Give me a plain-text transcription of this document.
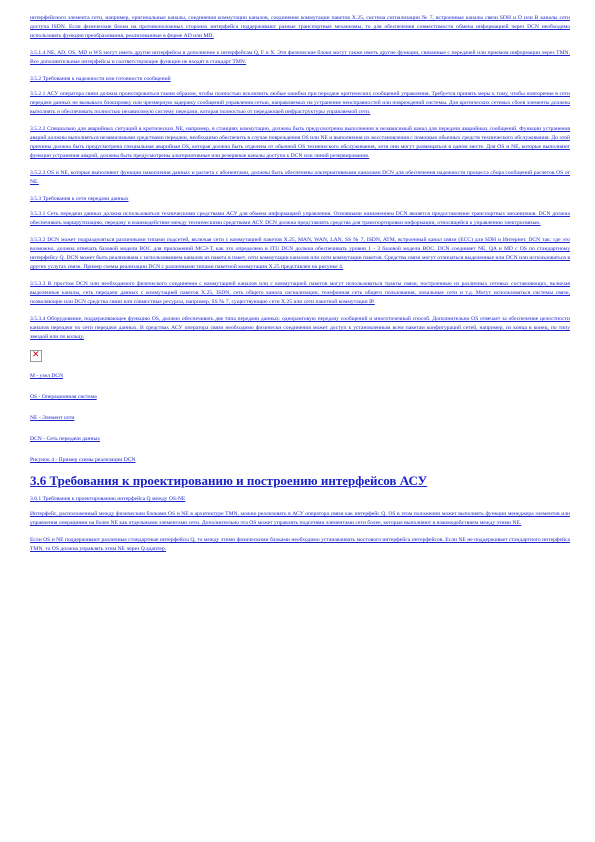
интерфейсного элемента сети, например, оригинальные каналы, соединения коммутации каналов, соединения коммутации пакетов X.25, система сигнализации № 7, встроенные каналы связи SDH и D или B каналы сети доступа ISDN. Если физические блоки на противоположных сторонах интерфейса поддерживают разные транспортные механизмы, то для обеспечения совместимости обмена информацией через DCN необходимо использовать функции преобразования, реализованные в форме AD или MD.
3.5.1.4 NE, AD, OS, MD и WS могут иметь другие интерфейсы в дополнение к интерфейсам Q, F и X. Эти физические блоки могут также иметь другие функции, связанные с передачей или приемом информации через TMN. Все дополнительные интерфейсы и соответствующие функции не входят в стандарт TMN.
3.5.2 Требования к надежности или готовности сообщений
3.5.2.1 АСУ оператора связи должна проектироваться таким образом, чтобы полностью исключить любые ошибки при передаче критических сообщений управления. Требуется принять меры к тому, чтобы повторение в сети передачи данных не вызывало блокировку или чрезмерную задержку сообщений управления сетью, направляемых на устранение неисправностей или повреждений системы. Для критических сетевых сбоев элементы должны выполнять и обеспечивать полностью независимую систему передачи, которая полностью от передающей инфраструктуры управляемой сети.
3.5.2.2 Специально для аварийных ситуаций в критических NE, например, в станциях коммутации, должны быть предусмотрены выполнения и независимый канал для передачи аварийных сообщений. Функции устранения аварий должны выполняться независимыми средствами передачи, необходимо обеспечить в случае повреждения OS или NE и выполнения их восстановления с помощью обычных средств технического обслуживания. До этой причины должна быть предусмотрена специальная аварийная OS, которая должна быть отделена от обычной OS технического обслуживания, хотя они могут размещаться в одном месте. Для OS и NE, которые выполняют функции устранения аварий, должны быть предусмотрены альтернативные или резервные каналы доступа к DCN или линий резервирования.
3.5.2.3 OS и NE, которые выполняют функции накопления данных и расчета с абонентами, должны быть обеспечены альтернативными каналами DCN для обеспечения надежности процесса сбора сообщений расчетов OS от NE.
3.5.3 Требования к сети передачи данных
3.5.3.1 Сеть передачи данных должна использоваться техническими средствами АСУ для обмена информацией управления. Основными назначением DCN является предоставление транспортных механизмов. DCN должна обеспечивать маршрутизацию, передачу и взаимодействие между техническими средствами АСУ. DCN должна представлять средства для транспортировки информации, относящейся к управлению электросвязью.
3.5.3.2 DCN может подразделяться различными типами подсетей, включая сети с коммутацией пакетов X.25, MAN, WAN, LAN, SS № 7, ISDN, ATM, встроенный канал связи (ECC) для SDH и Интернет. DCN так: где это возможно, должна отвечать базовой модели ВОС для приложений МСЭ-Т, как это определено в ITU DCN должна обеспечивать уровни 1 - 3 базовой модели ВОС. DCN соединяет NE, QA и MD с OS по стандартному интерфейсу Q. DCN может быть реализована с использованием каналов из пакета в пакет, сети коммутации каналов или сети коммутации пакетов. Средства связи могут отличаться выделенные или DCN или использоваться в других услугах связи. Пример схемы реализации DCN с различными типами пакетной коммутации X.25 представлен на рисунке 4.
3.5.3.3 В простом DCN или необходимого физического соединения с коммутацией каналов или с коммутацией пакетов могут использоваться тракты связи, построенные из различных сетевых составляющих, включая выделенные каналы, сеть передачи данных с коммутацией пакетов X.25, ISDN, сеть общего канала сигнализации, телефонная сеть общего пользования, локальные сети и т.д. Могут использоваться системы связи, позволяющие или DCN средства связи или совместные ресурсы, например, SS № 7, существующие сети X.25 или сети пакетной коммутации IP.
3.5.3.4 Оборудование, поддерживающее функцию OS, должно обеспечивать две типа передачи данных: одноранговую передачу сообщений и многоточечный способ. Дополнительно OS отвечает за обеспечение целостности каналов передачи по сети передачи данных. В средствах АСУ оператора связи необходимо физически соединения может доступ к установленным всем пакетам конфигураций сетей, например, из конца в конец, по типу звездой или по кольцу.
✕
М - узел DCN
OS - Операционная система
NE - Элемент сети
DCN - Сеть передачи данных
Рисунок 4 - Пример схемы реализации DCN
3.6 Требования к проектированию и построению интерфейсов АСУ
3.6.1 Требования к проектированию интерфейса Q между OS-NE
Интерфейс, расположенный между физическим блоками OS и NE в архитектуре TMN, можно реализовать в АСУ оператора связи как интерфейс Q. OS в этом положении может выполнять функции менеджера элементов или управления операциями на более NE как отдельными элементами сети. Дополнительно эта OS может управлять подсетями элементами сети более, которые выполняют и взаимодействием между этими NE.
Если OS и NE поддерживают различные стандартные интерфейсы Q, то между этими физическими блоками необходимо устанавливать мостового интерфейса интерфейсов. Если NE не поддерживает стандартного интерфейса TMN, то OS должна управлять этим NE через Q адаптер.
